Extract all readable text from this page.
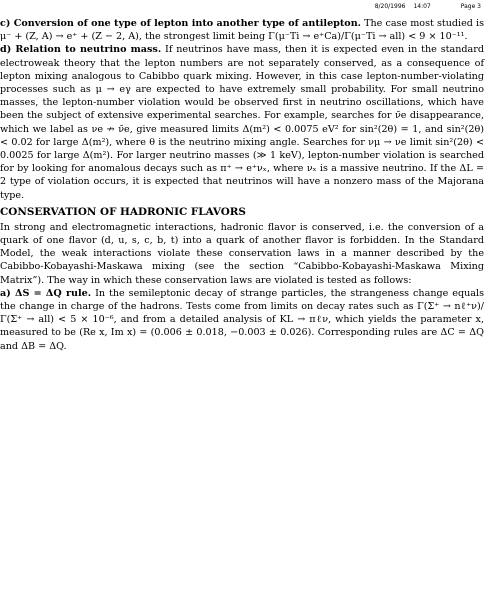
8/20/1996 14:07	Page 3

c) Conversion of one type of lepton into another type of antilepton. The case most studied is μ⁻ + (Z, A) → e⁺ + (Z − 2, A), the strongest limit being Γ(μ⁻Ti → e⁺Ca)/Γ(μ⁻Ti → all) < 9 × 10⁻¹¹.

d) Relation to neutrino mass. If neutrinos have mass, then it is expected even in the standard electroweak theory that the lepton numbers are not separately conserved, as a consequence of lepton mixing analogous to Cabibbo quark mixing. However, in this case lepton-number-violating processes such as μ → eγ are expected to have extremely small probability. For small neutrino masses, the lepton-number violation would be observed first in neutrino oscillations, which have been the subject of extensive experimental searches. For example, searches for ν̄e disappearance, which we label as νe ↛ ν̄e, give measured limits Δ(m²) < 0.0075 eV² for sin²(2θ) = 1, and sin²(2θ) < 0.02 for large Δ(m²), where θ is the neutrino mixing angle. Searches for νμ → νe limit sin²(2θ) < 0.0025 for large Δ(m²). For larger neutrino masses (≫ 1 keV), lepton-number violation is searched for by looking for anomalous decays such as π⁺ → e⁺νₓ, where νₓ is a massive neutrino. If the ΔL = 2 type of violation occurs, it is expected that neutrinos will have a nonzero mass of the Majorana type.

CONSERVATION OF HADRONIC FLAVORS

In strong and electromagnetic interactions, hadronic flavor is conserved, i.e. the conversion of a quark of one flavor (d, u, s, c, b, t) into a quark of another flavor is forbidden. In the Standard Model, the weak interactions violate these conservation laws in a manner described by the Cabibbo-Kobayashi-Maskawa mixing (see the section “Cabibbo-Kobayashi-Maskawa Mixing Matrix”). The way in which these conservation laws are violated is tested as follows:

a) ΔS = ΔQ rule. In the semileptonic decay of strange particles, the strangeness change equals the change in charge of the hadrons. Tests come from limits on decay rates such as Γ(Σ⁺ → nℓ⁺ν)/Γ(Σ⁺ → all) < 5 × 10⁻⁶, and from a detailed analysis of KL → πℓν, which yields the parameter x, measured to be (Re x, Im x) = (0.006 ± 0.018, −0.003 ± 0.026). Corresponding rules are ΔC = ΔQ and ΔB = ΔQ.
